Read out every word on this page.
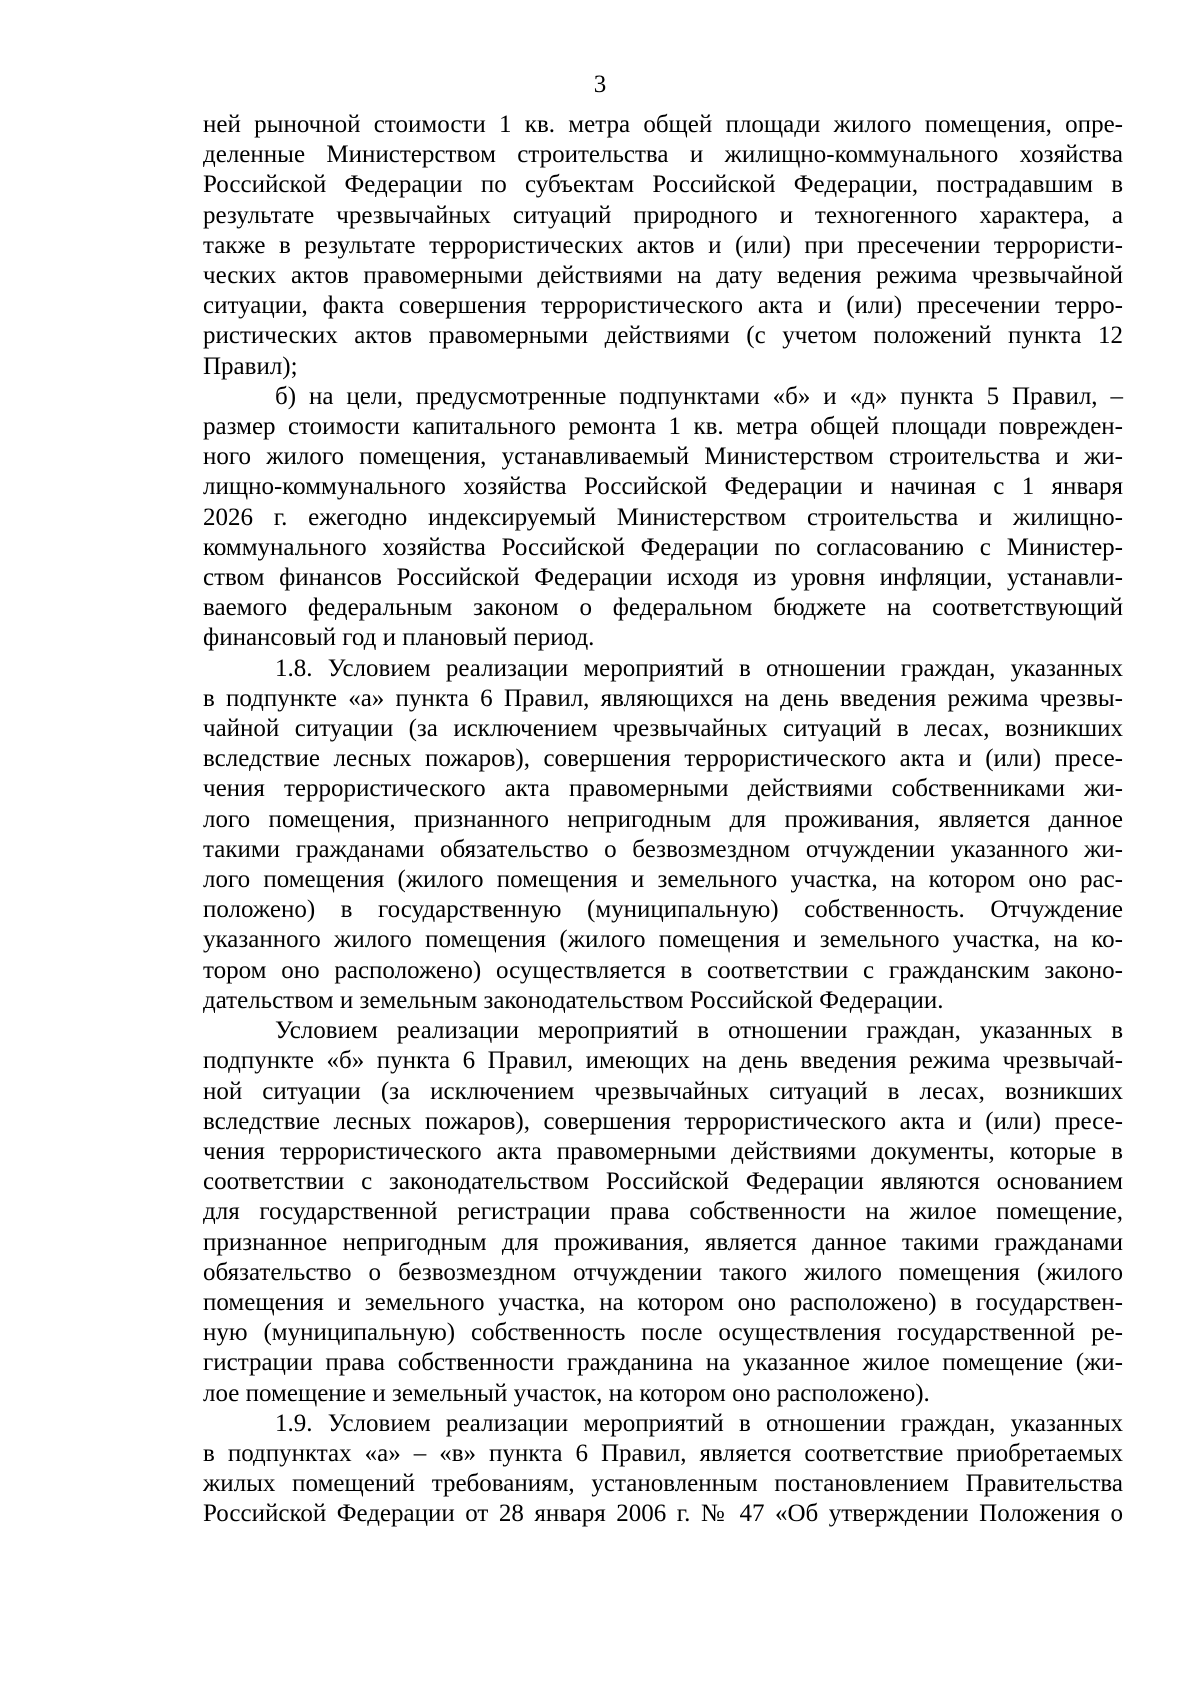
3

ней рыночной стоимости 1 кв. метра общей площади жилого помещения, опре-

деленные Министерством строительства и жилищно-коммунального хозяйства

Российской Федерации по субъектам Российской Федерации, пострадавшим в

результате чрезвычайных ситуаций природного и техногенного характера, а

также в результате террористических актов и (или) при пресечении террористи-

ческих актов правомерными действиями на дату ведения режима чрезвычайной

ситуации, факта совершения террористического акта и (или) пресечении терро-

ристических актов правомерными действиями (с учетом положений пункта 12

Правил);

б) на цели, предусмотренные подпунктами «б» и «д» пункта 5 Правил, –

размер стоимости капитального ремонта 1 кв. метра общей площади поврежден-

ного жилого помещения, устанавливаемый Министерством строительства и жи-

лищно-коммунального хозяйства Российской Федерации и начиная с 1 января

2026 г. ежегодно индексируемый Министерством строительства и жилищно-

коммунального хозяйства Российской Федерации по согласованию с Министер-

ством финансов Российской Федерации исходя из уровня инфляции, устанавли-

ваемого федеральным законом о федеральном бюджете на соответствующий

финансовый год и плановый период.

1.8. Условием реализации мероприятий в отношении граждан, указанных

в подпункте «а» пункта 6 Правил, являющихся на день введения режима чрезвы-

чайной ситуации (за исключением чрезвычайных ситуаций в лесах, возникших

вследствие лесных пожаров), совершения террористического акта и (или) пресе-

чения террористического акта правомерными действиями собственниками жи-

лого помещения, признанного непригодным для проживания, является данное

такими гражданами обязательство о безвозмездном отчуждении указанного жи-

лого помещения (жилого помещения и земельного участка, на котором оно рас-

положено) в государственную (муниципальную) собственность. Отчуждение

указанного жилого помещения (жилого помещения и земельного участка, на ко-

тором оно расположено) осуществляется в соответствии с гражданским законо-

дательством и земельным законодательством Российской Федерации.

Условием реализации мероприятий в отношении граждан, указанных в

подпункте «б» пункта 6 Правил, имеющих на день введения режима чрезвычай-

ной ситуации (за исключением чрезвычайных ситуаций в лесах, возникших

вследствие лесных пожаров), совершения террористического акта и (или) пресе-

чения террористического акта правомерными действиями документы, которые в

соответствии с законодательством Российской Федерации являются основанием

для государственной регистрации права собственности на жилое помещение,

признанное непригодным для проживания, является данное такими гражданами

обязательство о безвозмездном отчуждении такого жилого помещения (жилого

помещения и земельного участка, на котором оно расположено) в государствен-

ную (муниципальную) собственность после осуществления государственной ре-

гистрации права собственности гражданина на указанное жилое помещение (жи-

лое помещение и земельный участок, на котором оно расположено).

1.9. Условием реализации мероприятий в отношении граждан, указанных

в подпунктах «а» – «в» пункта 6 Правил, является соответствие приобретаемых

жилых помещений требованиям, установленным постановлением Правительства

Российской Федерации от 28 января 2006 г. № 47 «Об утверждении Положения о
